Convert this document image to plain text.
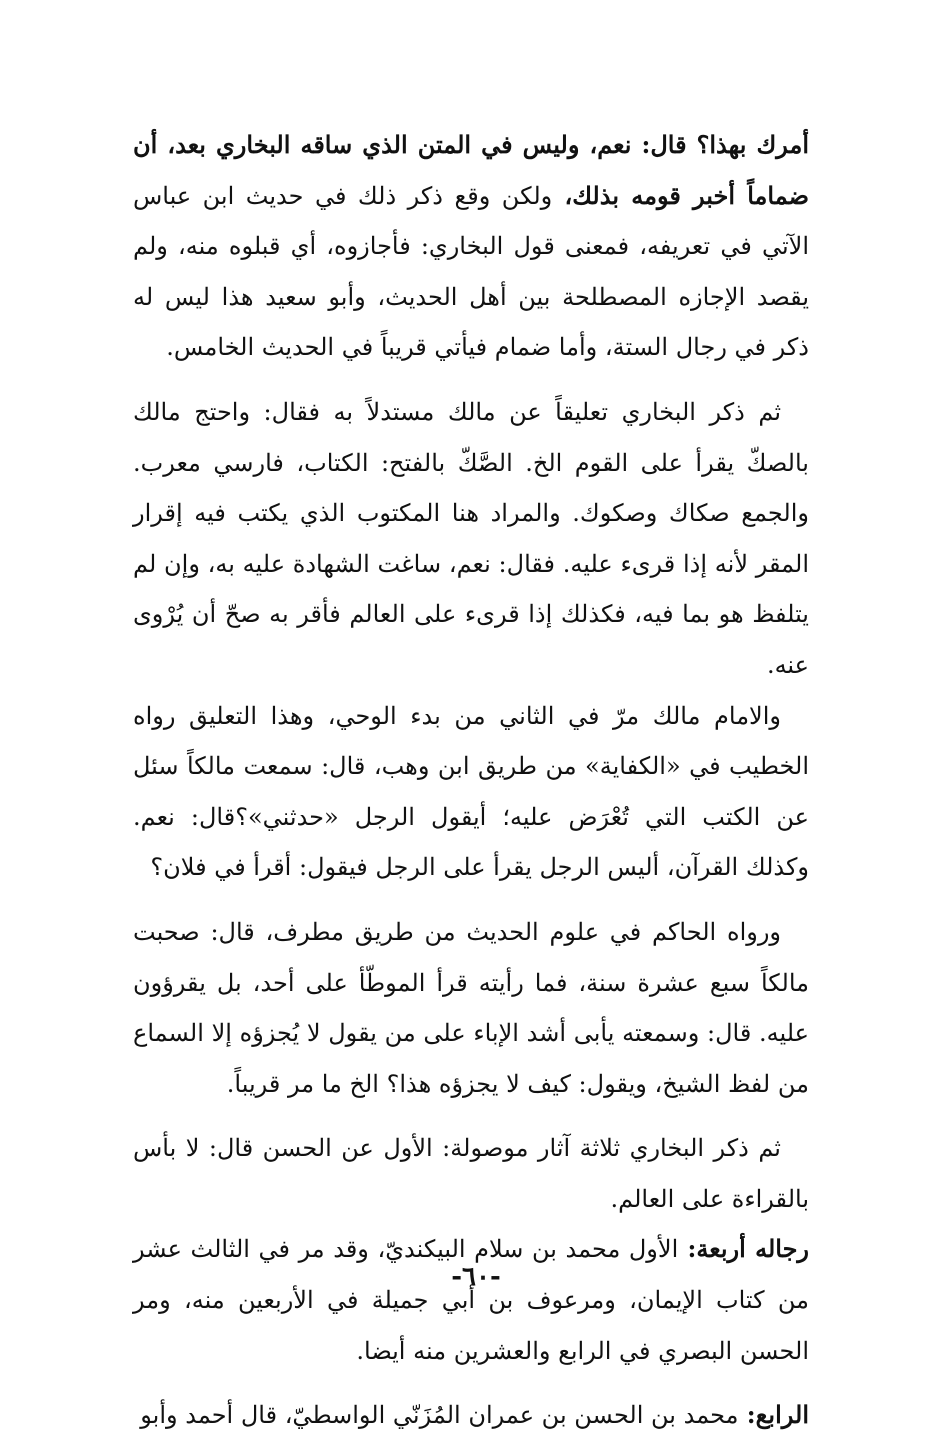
أمرك بهذا؟ قال: نعم، وليس في المتن الذي ساقه البخاري بعد، أن ضماماً أخبر قومه بذلك، ولكن وقع ذكر ذلك في حديث ابن عباس الآتي في تعريفه، فمعنى قول البخاري: فأجازوه، أي قبلوه منه، ولم يقصد الإجازه المصطلحة بين أهل الحديث، وأبو سعيد هذا ليس له ذكر في رجال الستة، وأما ضمام فيأتي قريباً في الحديث الخامس.

ثم ذكر البخاري تعليقاً عن مالك مستدلاً به فقال: واحتج مالك بالصكّ يقرأ على القوم الخ. الصَّكّ بالفتح: الكتاب، فارسي معرب. والجمع صكاك وصكوك. والمراد هنا المكتوب الذي يكتب فيه إقرار المقر لأنه إذا قرىء عليه. فقال: نعم، ساغت الشهادة عليه به، وإن لم يتلفظ هو بما فيه، فكذلك إذا قرىء على العالم فأقر به صحّ أن يُرْوى عنه.

والامام مالك مرّ في الثاني من بدء الوحي، وهذا التعليق رواه الخطيب في «الكفاية» من طريق ابن وهب، قال: سمعت مالكاً سئل عن الكتب التي تُعْرَض عليه؛ أيقول الرجل «حدثني»؟قال: نعم. وكذلك القرآن، أليس الرجل يقرأ على الرجل فيقول: أقرأ في فلان؟

ورواه الحاكم في علوم الحديث من طريق مطرف، قال: صحبت مالكاً سبع عشرة سنة، فما رأيته قرأ الموطّأ على أحد، بل يقرؤون عليه. قال: وسمعته يأبى أشد الإباء على من يقول لا يُجزؤه إلا السماع من لفظ الشيخ، ويقول: كيف لا يجزؤه هذا؟ الخ ما مر قريباً.

ثم ذكر البخاري ثلاثة آثار موصولة: الأول عن الحسن قال: لا بأس بالقراءة على العالم.

رجاله أربعة: الأول محمد بن سلام البيكنديّ، وقد مر في الثالث عشر من كتاب الإيمان، ومرعوف بن أبي جميلة في الأربعين منه، ومر الحسن البصري في الرابع والعشرين منه أيضا.

الرابع: محمد بن الحسن بن عمران المُزَنّي الواسطيّ، قال أحمد وأبو

-٦٠-
